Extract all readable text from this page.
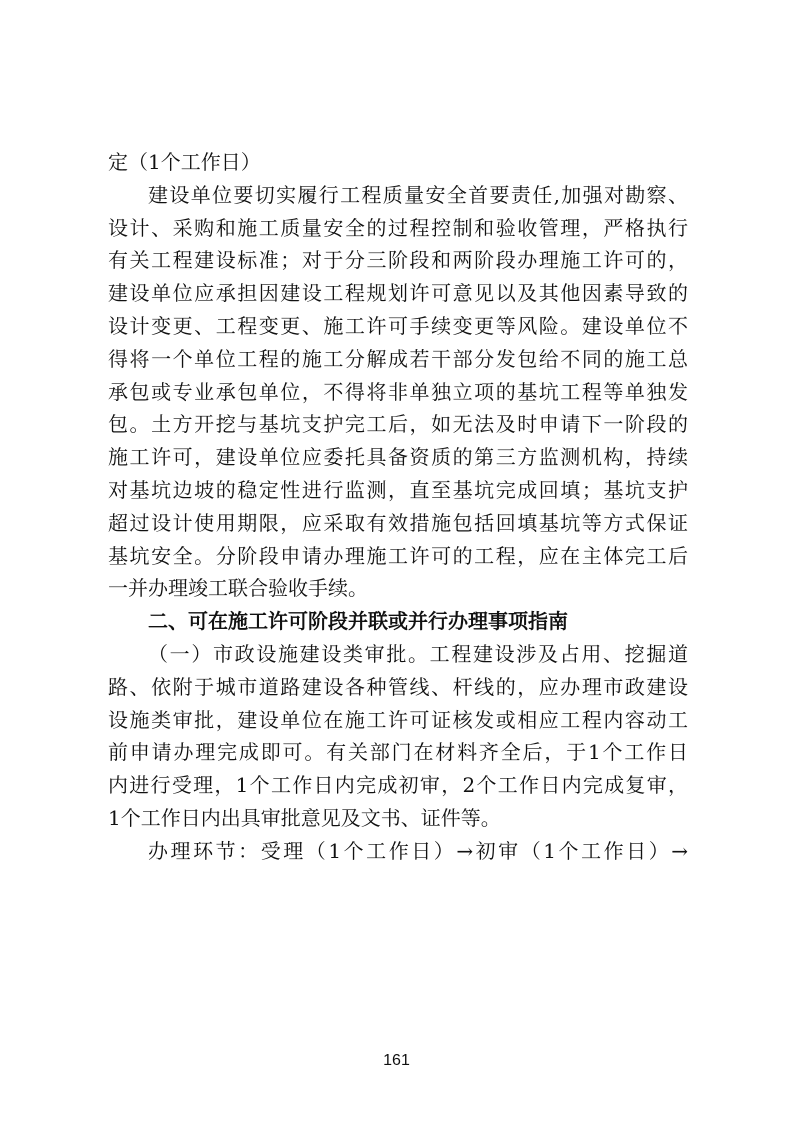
定（1个工作日）
建设单位要切实履行工程质量安全首要责任,加强对勘察、
设计、采购和施工质量安全的过程控制和验收管理，严格执行
有关工程建设标准；对于分三阶段和两阶段办理施工许可的，
建设单位应承担因建设工程规划许可意见以及其他因素导致的
设计变更、工程变更、施工许可手续变更等风险。建设单位不
得将一个单位工程的施工分解成若干部分发包给不同的施工总
承包或专业承包单位，不得将非单独立项的基坑工程等单独发
包。土方开挖与基坑支护完工后，如无法及时申请下一阶段的
施工许可，建设单位应委托具备资质的第三方监测机构，持续
对基坑边坡的稳定性进行监测，直至基坑完成回填；基坑支护
超过设计使用期限，应采取有效措施包括回填基坑等方式保证
基坑安全。分阶段申请办理施工许可的工程，应在主体完工后
一并办理竣工联合验收手续。
二、可在施工许可阶段并联或并行办理事项指南
（一）市政设施建设类审批。工程建设涉及占用、挖掘道
路、依附于城市道路建设各种管线、杆线的，应办理市政建设
设施类审批，建设单位在施工许可证核发或相应工程内容动工
前申请办理完成即可。有关部门在材料齐全后，于1个工作日
内进行受理，1个工作日内完成初审，2个工作日内完成复审，
1个工作日内出具审批意见及文书、证件等。
办理环节：受理（1个工作日）→初审（1个工作日）→
161
